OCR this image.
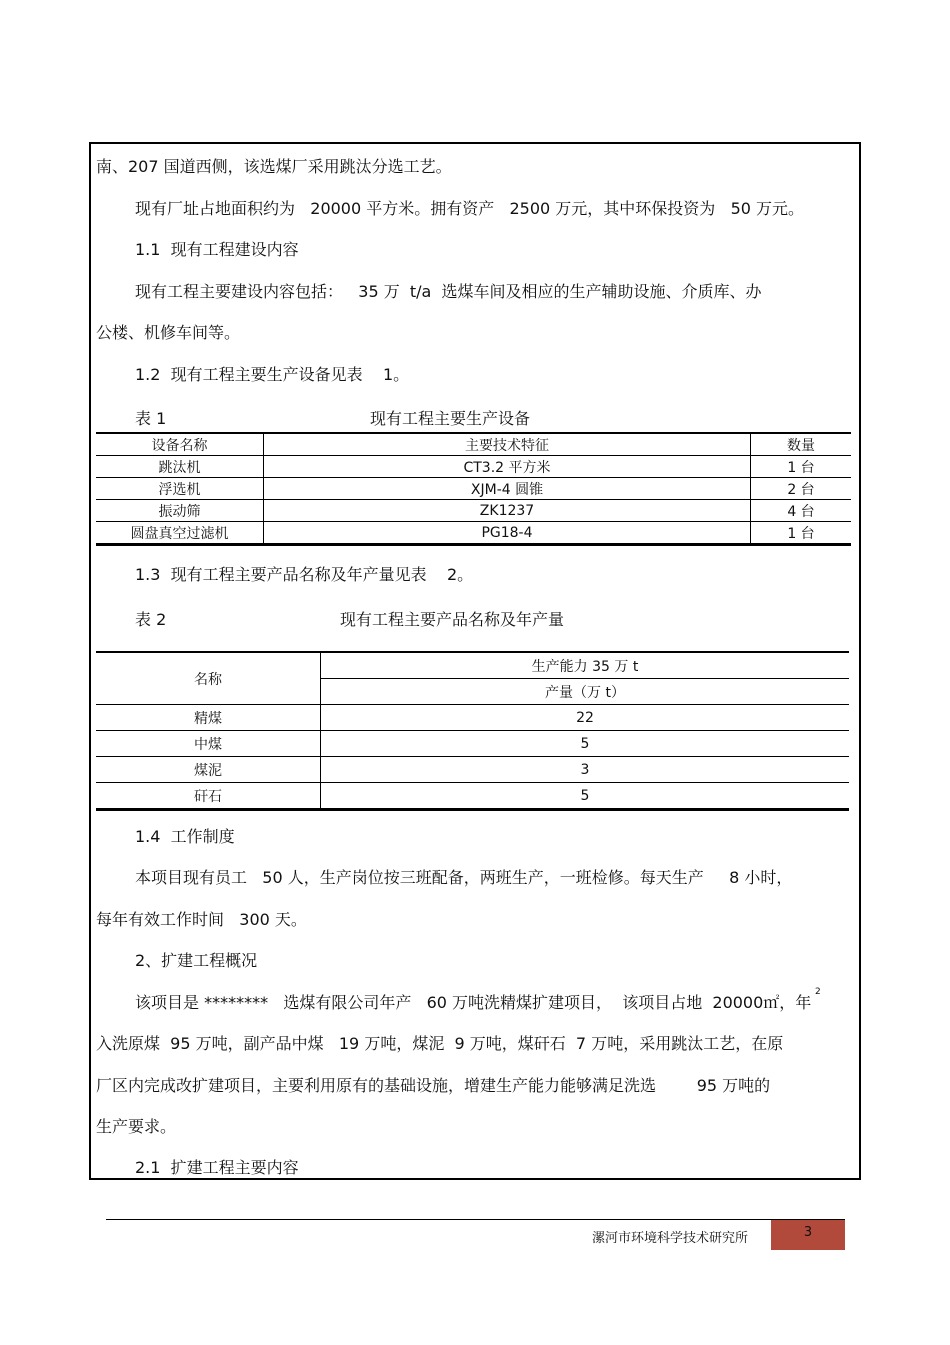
南、207 国道西侧，该选煤厂采用跳汰分选工艺。
现有厂址占地面积约为   20000 平方米。拥有资产   2500 万元，其中环保投资为   50 万元。
1.1  现有工程建设内容
现有工程主要建设内容包括：   35 万  t/a  选煤车间及相应的生产辅助设施、介质库、办
公楼、机修车间等。
1.2  现有工程主要生产设备见表    1。
表 1	现有工程主要生产设备
设备名称	主要技术特征	数量
跳汰机	CT3.2 平方米	1 台
浮选机	XJM-4 圆锥	2 台
振动筛	ZK1237	4 台
圆盘真空过滤机	PG18-4	1 台
1.3  现有工程主要产品名称及年产量见表    2。
表 2	现有工程主要产品名称及年产量
名称	生产能力 35 万 t
	产量（万 t）
精煤	22
中煤	5
煤泥	3
矸石	5
1.4  工作制度
本项目现有员工   50 人，生产岗位按三班配备，两班生产，一班检修。每天生产     8 小时，
每年有效工作时间   300 天。
2、扩建工程概况
该项目是 ********   选煤有限公司年产   60 万吨洗精煤扩建项目，  该项目占地  20000㎡，年
2
入洗原煤  95 万吨，副产品中煤   19 万吨，煤泥  9 万吨，煤矸石  7 万吨，采用跳汰工艺，在原
厂区内完成改扩建项目，主要利用原有的基础设施，增建生产能力能够满足洗选        95 万吨的
生产要求。
2.1  扩建工程主要内容
漯河市环境科学技术研究所	3
